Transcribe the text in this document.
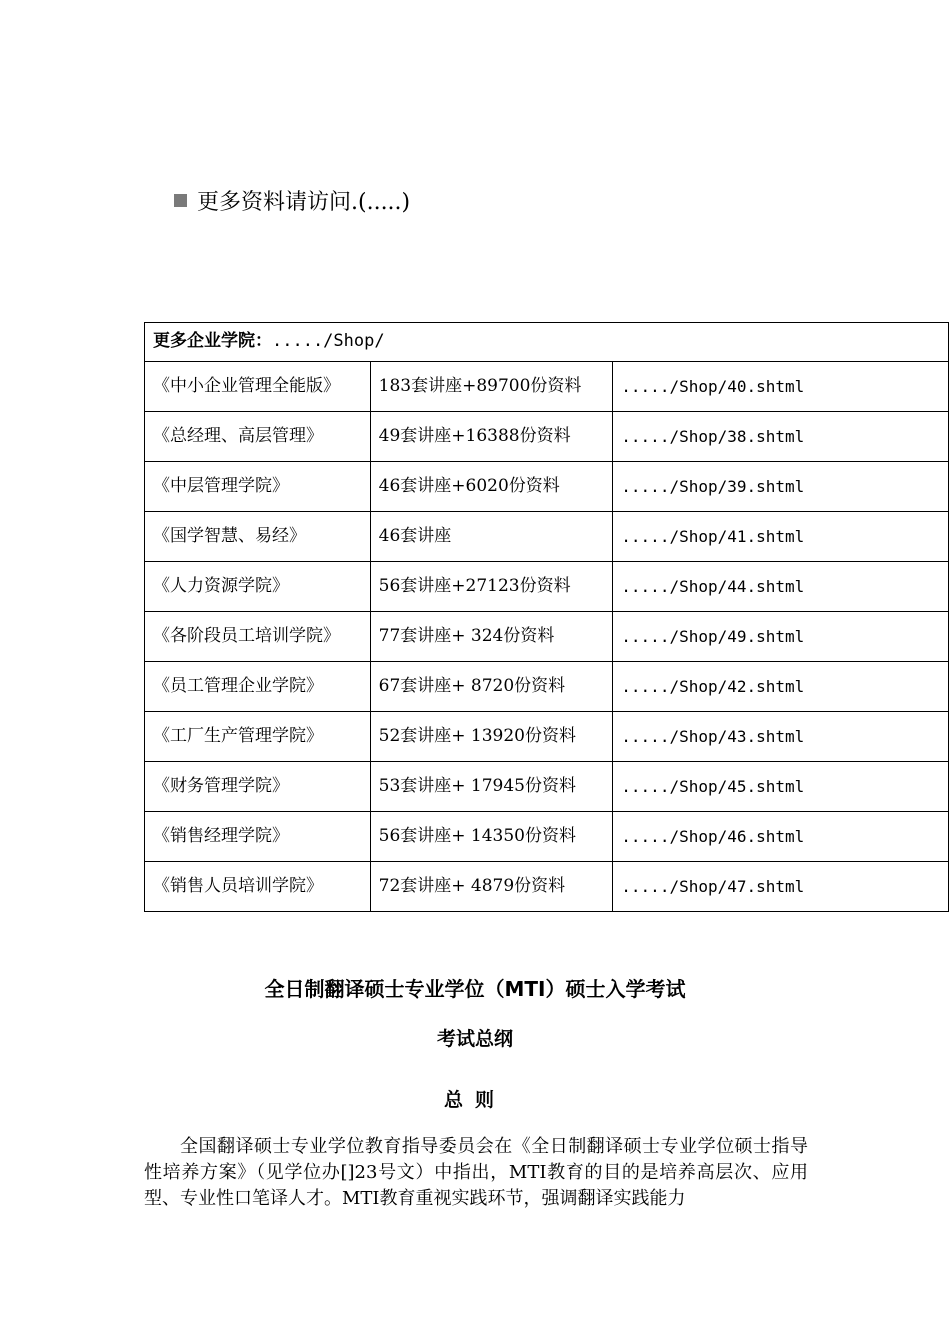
更多资料请访问.(.....)
更多企业学院：...../Shop/		
《中小企业管理全能版》	183套讲座+89700份资料	...../Shop/40.shtml
《总经理、高层管理》	49套讲座+16388份资料	...../Shop/38.shtml
《中层管理学院》	46套讲座+6020份资料	...../Shop/39.shtml
《国学智慧、易经》	46套讲座	...../Shop/41.shtml
《人力资源学院》	56套讲座+27123份资料	...../Shop/44.shtml
《各阶段员工培训学院》	77套讲座+ 324份资料	...../Shop/49.shtml
《员工管理企业学院》	67套讲座+ 8720份资料	...../Shop/42.shtml
《工厂生产管理学院》	52套讲座+ 13920份资料	...../Shop/43.shtml
《财务管理学院》	53套讲座+ 17945份资料	...../Shop/45.shtml
《销售经理学院》	56套讲座+ 14350份资料	...../Shop/46.shtml
《销售人员培训学院》	72套讲座+ 4879份资料	...../Shop/47.shtml
全日制翻译硕士专业学位（MTI）硕士入学考试
考试总纲
总则
全国翻译硕士专业学位教育指导委员会在《全日制翻译硕士专业学位硕士指导性培养方案》（见学位办[]23号文）中指出，MTI教育的目的是培养高层次、应用型、专业性口笔译人才。MTI教育重视实践环节，强调翻译实践能力
